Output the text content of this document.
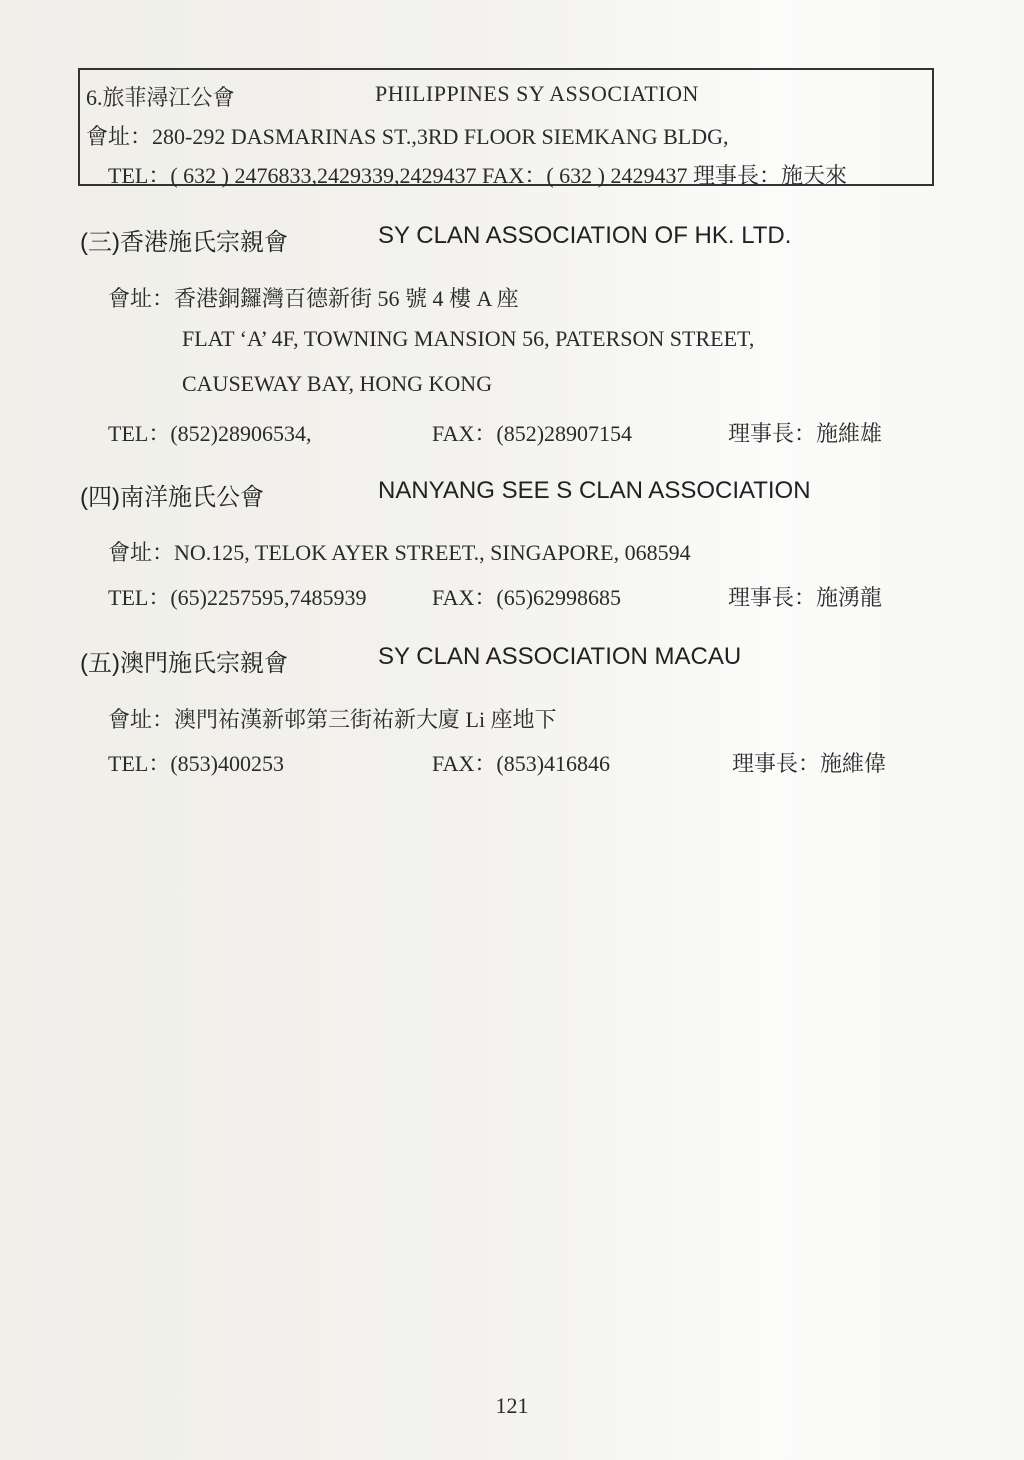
6.旅菲潯江公會	PHILIPPINES SY ASSOCIATION
會址：280-292 DASMARINAS ST.,3RD FLOOR SIEMKANG BLDG,
TEL：( 632 ) 2476833,2429339,2429437 FAX：( 632 ) 2429437 理事長：施天來
(三)香港施氏宗親會	SY CLAN ASSOCIATION OF HK. LTD.
會址：香港銅鑼灣百德新街 56 號 4 樓 A 座
FLAT ‘A’ 4F, TOWNING MANSION 56, PATERSON STREET,
CAUSEWAY BAY, HONG KONG
TEL：(852)28906534,	FAX：(852)28907154	理事長：施維雄
(四)南洋施氏公會	NANYANG SEE S CLAN ASSOCIATION
會址：NO.125, TELOK AYER STREET., SINGAPORE, 068594
TEL：(65)2257595,7485939	FAX：(65)62998685	理事長：施湧龍
(五)澳門施氏宗親會	SY CLAN ASSOCIATION MACAU
會址：澳門祐漢新邨第三街祐新大廈 Li 座地下
TEL：(853)400253	FAX：(853)416846	理事長：施維偉
121
